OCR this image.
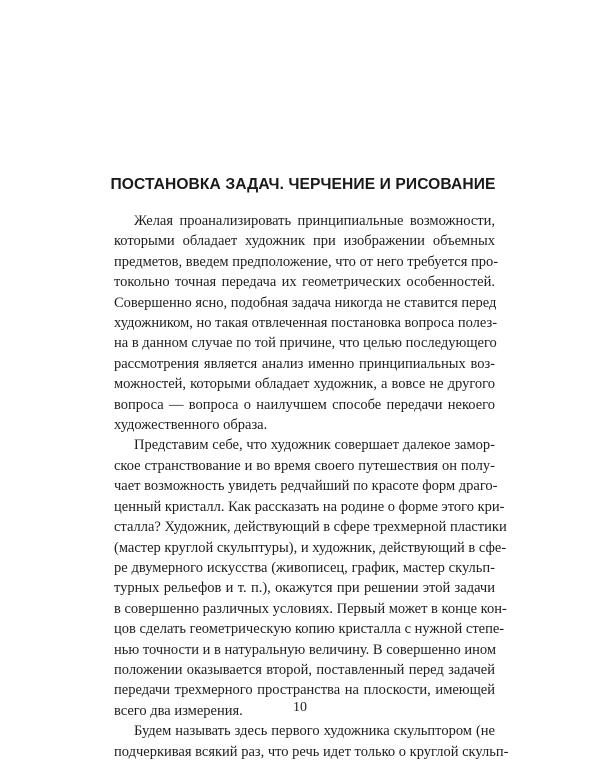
ПОСТАНОВКА ЗАДАЧ. ЧЕРЧЕНИЕ И РИСОВАНИЕ
Желая проанализировать принципиальные возможности,
которыми обладает художник при изображении объемных
предметов, введем предположение, что от него требуется про-
токольно точная передача их геометрических особенностей.
Совершенно ясно, подобная задача никогда не ставится перед
художником, но такая отвлеченная постановка вопроса полез-
на в данном случае по той причине, что целью последующего
рассмотрения является анализ именно принципиальных воз-
можностей, которыми обладает художник, а вовсе не другого
вопроса — вопроса о наилучшем способе передачи некоего
художественного образа.
Представим себе, что художник совершает далекое замор-
ское странствование и во время своего путешествия он полу-
чает возможность увидеть редчайший по красоте форм драго-
ценный кристалл. Как рассказать на родине о форме этого кри-
сталла? Художник, действующий в сфере трехмерной пластики
(мастер круглой скульптуры), и художник, действующий в сфе-
ре двумерного искусства (живописец, график, мастер скульп-
турных рельефов и т. п.), окажутся при решении этой задачи
в совершенно различных условиях. Первый может в конце кон-
цов сделать геометрическую копию кристалла с нужной степе-
нью точности и в натуральную величину. В совершенно ином
положении оказывается второй, поставленный перед задачей
передачи трехмерного пространства на плоскости, имеющей
всего два измерения.
Будем называть здесь первого художника скульптором (не
подчеркивая всякий раз, что речь идет только о круглой скульп-
10
